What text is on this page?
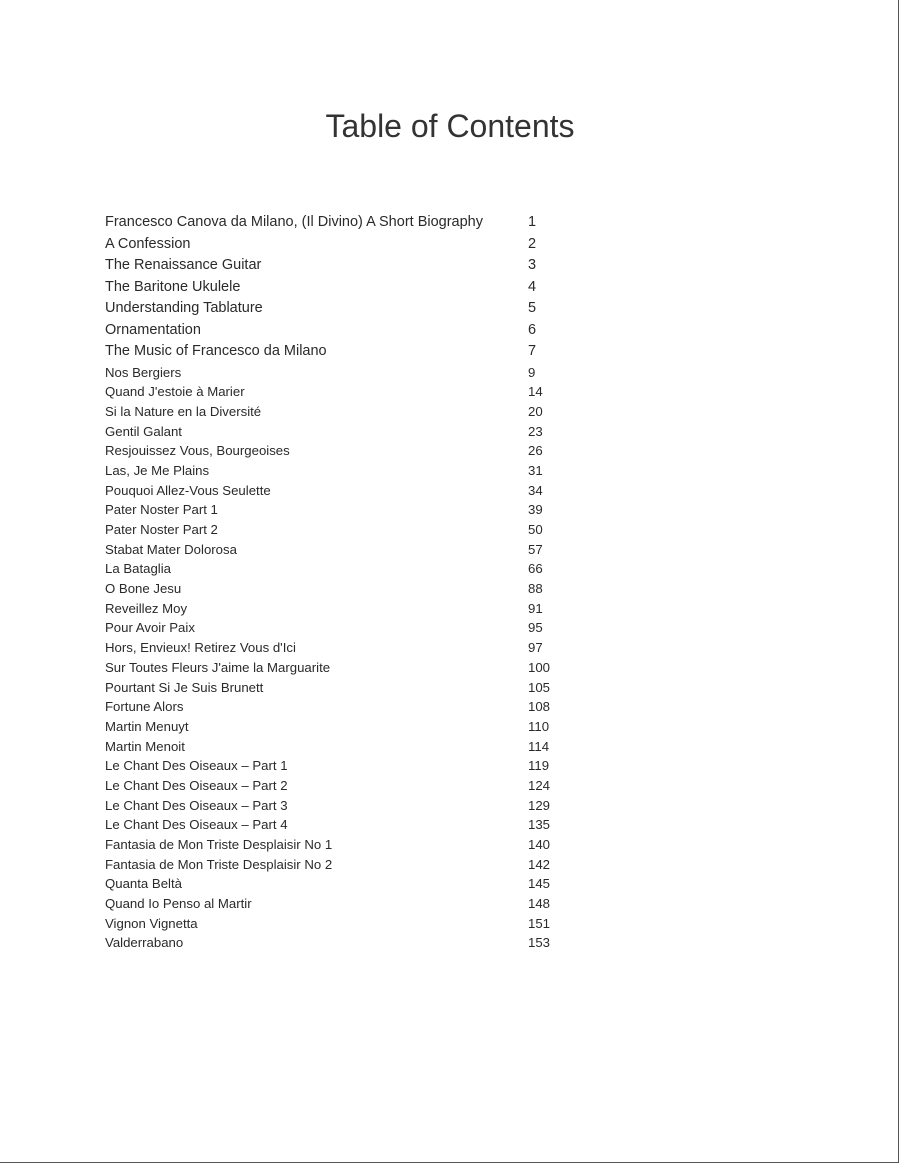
Table of Contents
Francesco Canova da Milano, (Il Divino) A Short Biography	1
A Confession	2
The Renaissance Guitar	3
The Baritone Ukulele	4
Understanding Tablature	5
Ornamentation	6
The Music of Francesco da Milano	7
Nos Bergiers	9
Quand J'estoie à Marier	14
Si la Nature en la Diversité	20
Gentil Galant	23
Resjouissez Vous, Bourgeoises	26
Las, Je Me Plains	31
Pouquoi Allez-Vous Seulette	34
Pater Noster Part 1	39
Pater Noster Part 2	50
Stabat Mater Dolorosa	57
La Bataglia	66
O Bone Jesu	88
Reveillez Moy	91
Pour Avoir Paix	95
Hors, Envieux! Retirez Vous d'Ici	97
Sur Toutes Fleurs J'aime la Marguarite	100
Pourtant Si Je Suis Brunett	105
Fortune Alors	108
Martin Menuyt	110
Martin Menoit	114
Le Chant Des Oiseaux – Part 1	119
Le Chant Des Oiseaux – Part 2	124
Le Chant Des Oiseaux – Part 3	129
Le Chant Des Oiseaux – Part 4	135
Fantasia de Mon Triste Desplaisir No 1	140
Fantasia de Mon Triste Desplaisir No 2	142
Quanta Beltà	145
Quand Io Penso al Martir	148
Vignon Vignetta	151
Valderrabano	153
